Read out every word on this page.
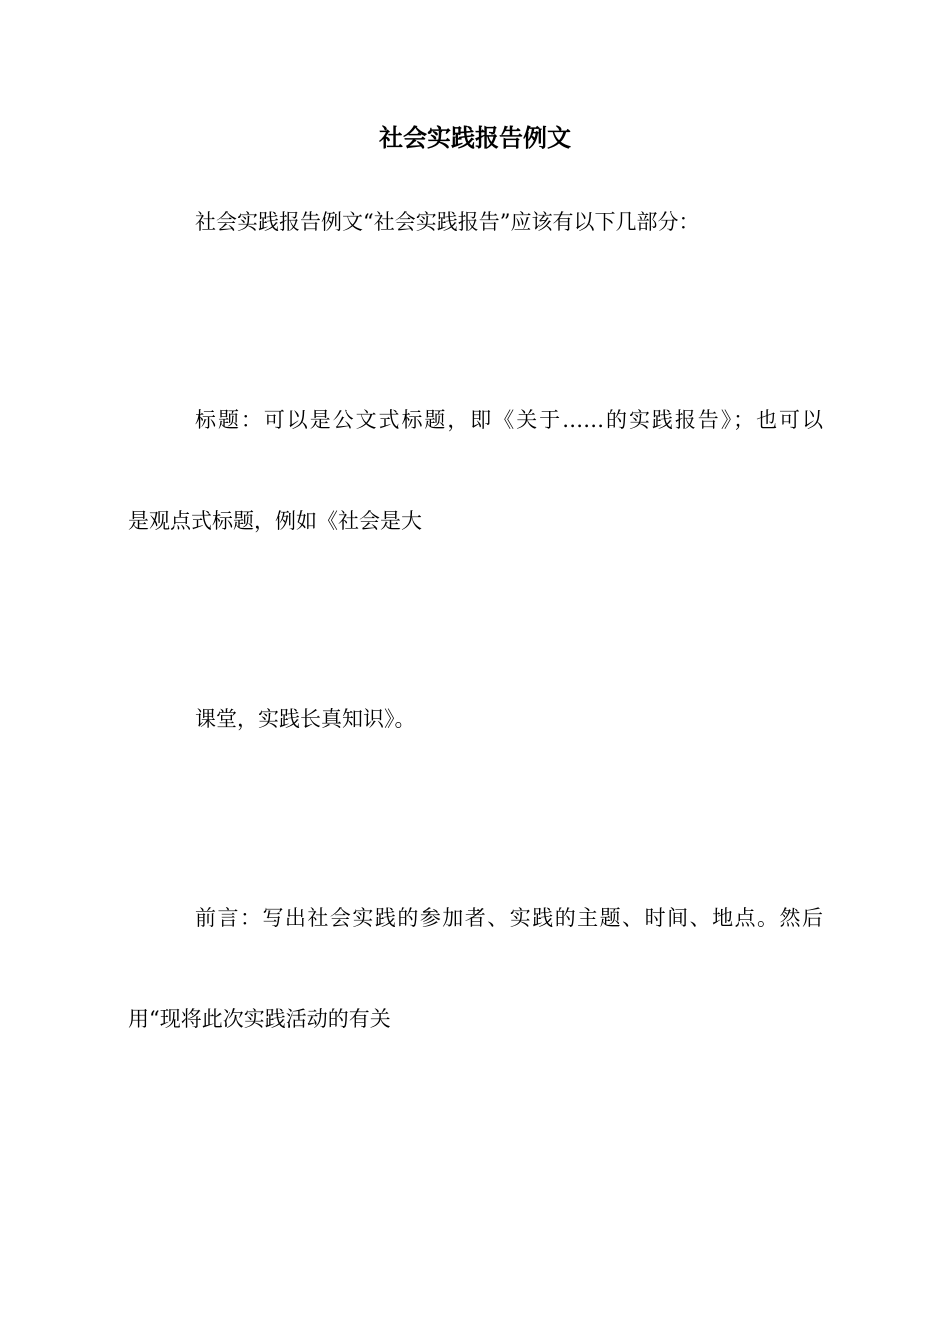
社会实践报告例文

社会实践报告例文“社会实践报告”应该有以下几部分：

标题：可以是公文式标题，即《关于……的实践报告》；也可以

是观点式标题，例如《社会是大

课堂，实践长真知识》。

前言：写出社会实践的参加者、实践的主题、时间、地点。然后

用“现将此次实践活动的有关
